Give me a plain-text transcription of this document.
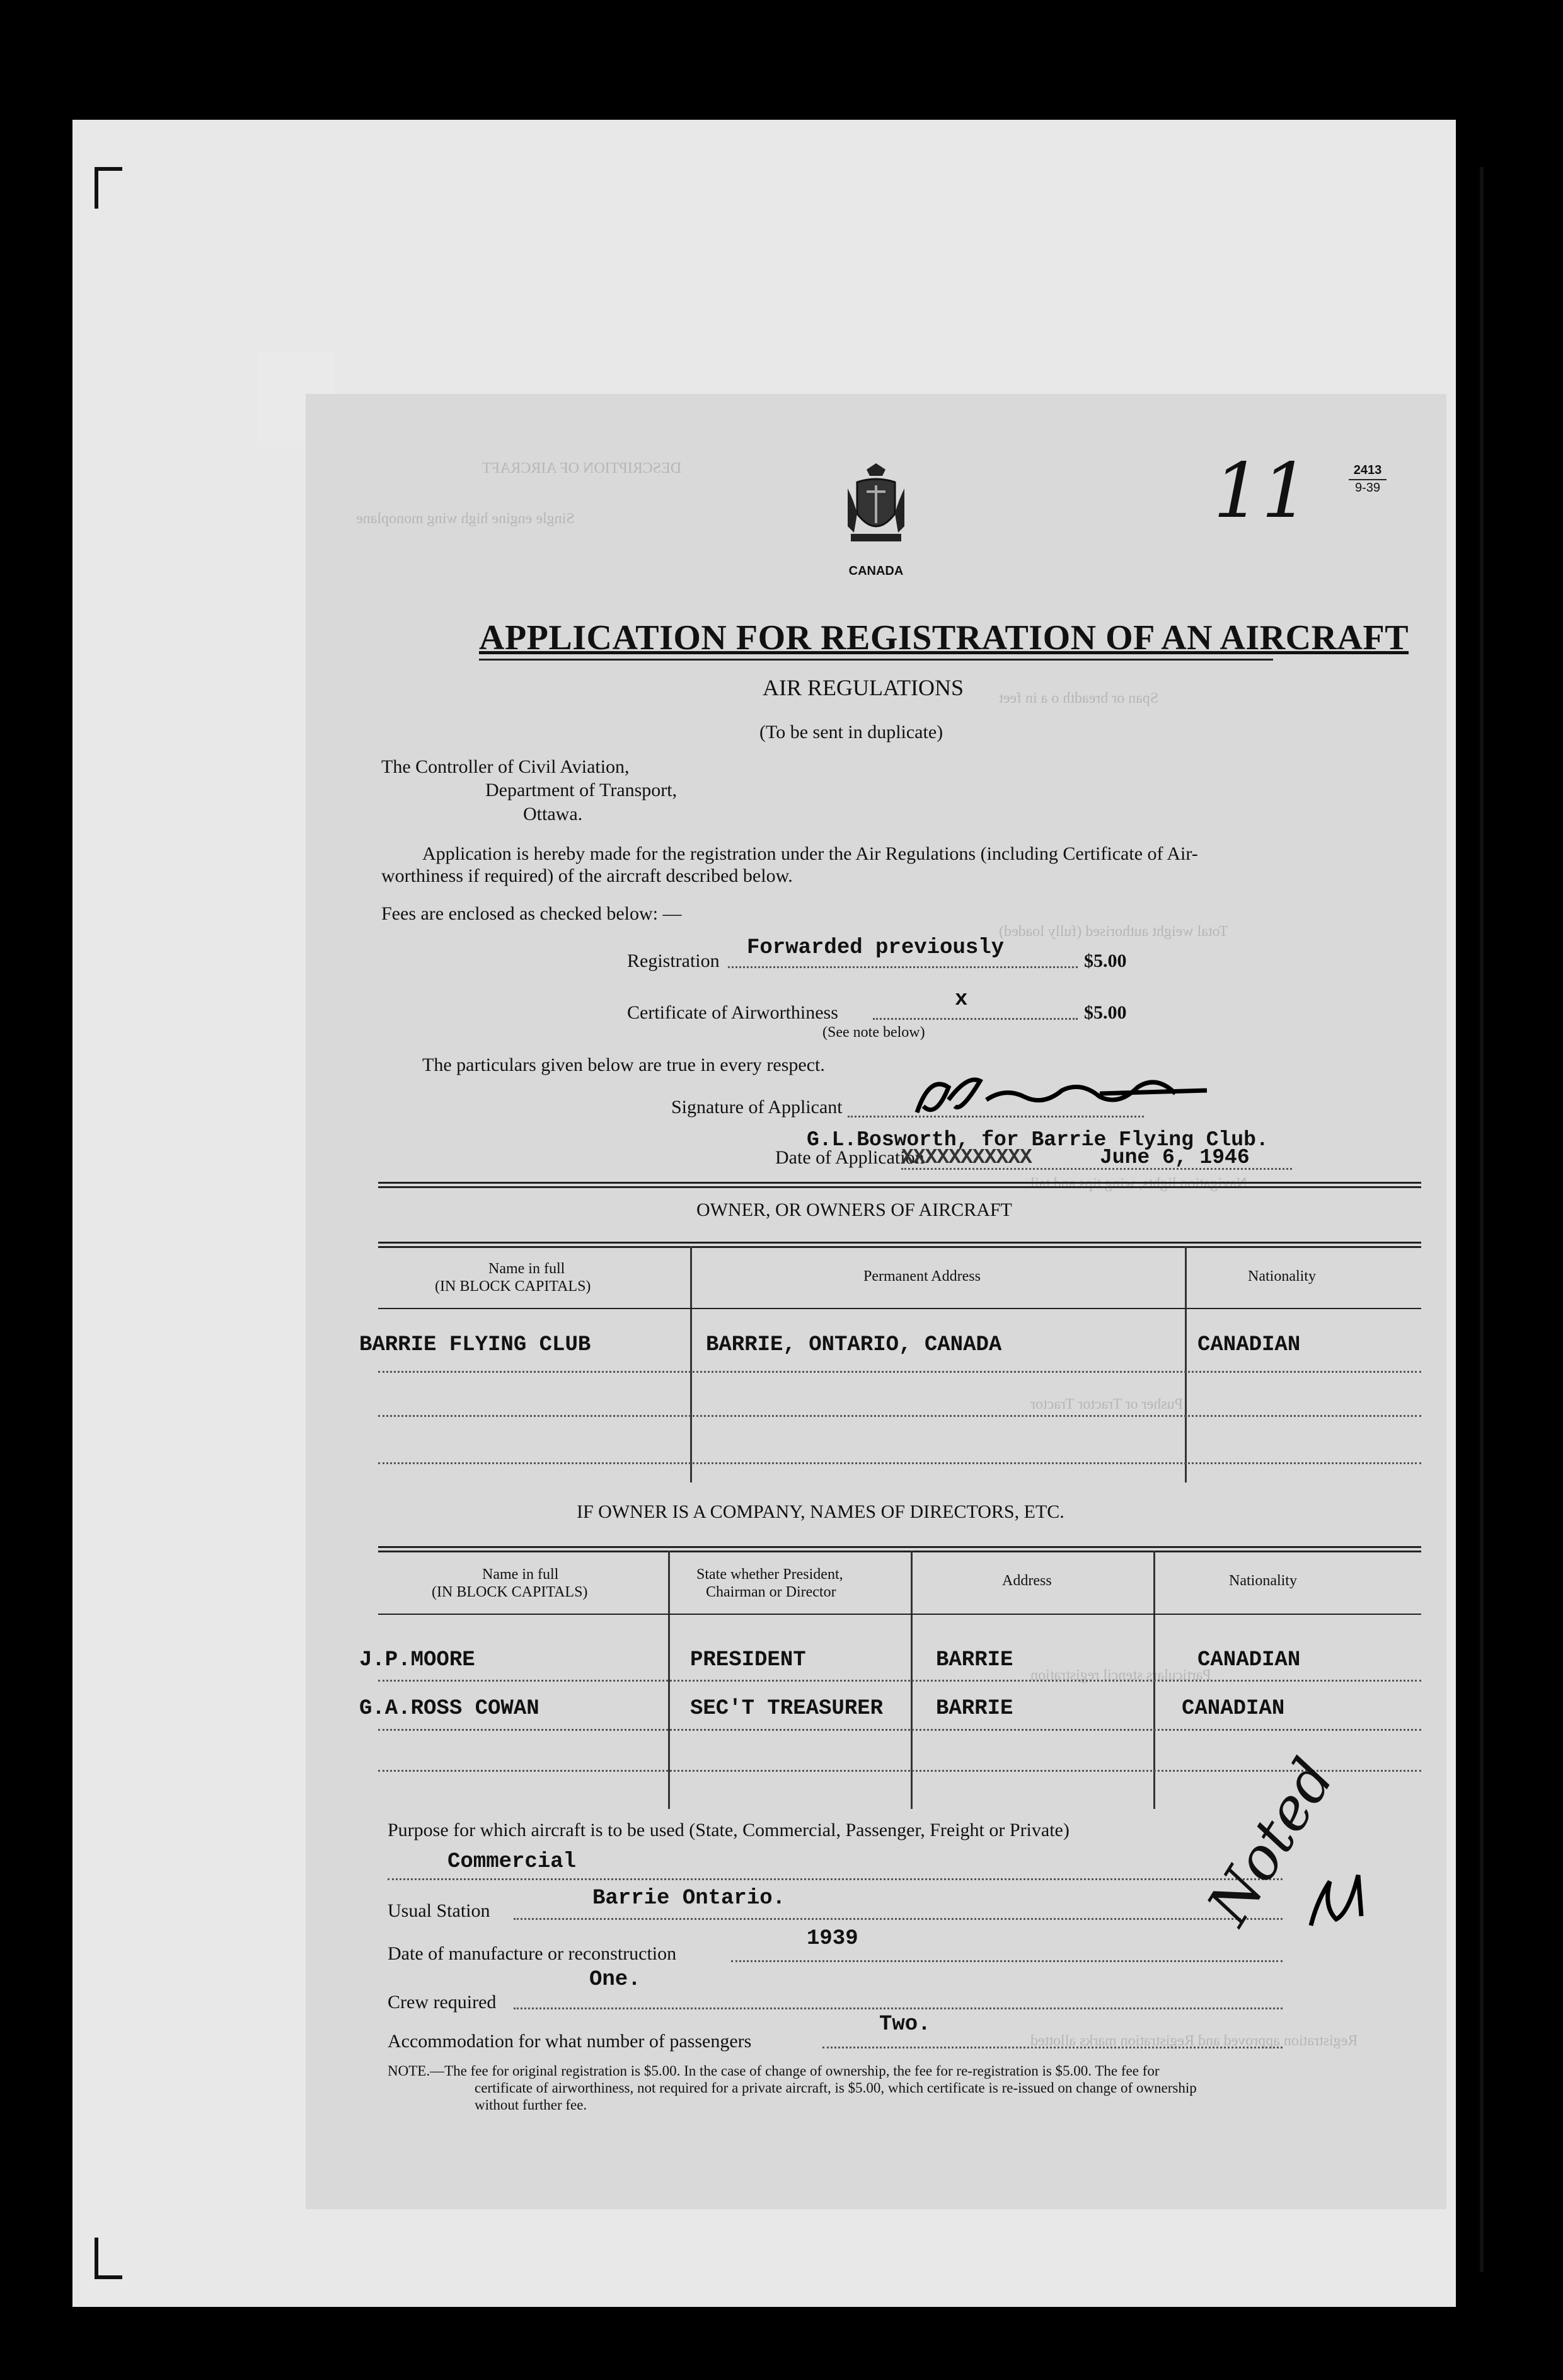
DESCRIPTION OF AIRCRAFT
Single engine high wing monoplane
Span or breadth o a in feet
Total weight authorised (fully loaded)
Navigation lights, wing tips and tail
Pusher or Tractor Tractor
Particulars stencil registration
Registration approved and Registration marks allotted
2413
9-39
11
CANADA
APPLICATION FOR REGISTRATION OF AN AIRCRAFT
AIR REGULATIONS
(To be sent in duplicate)
The Controller of Civil Aviation,
Department of Transport,
Ottawa.
Application is hereby made for the registration under the Air Regulations (including Certificate of Air-
worthiness if required) of the aircraft described below.
Fees are enclosed as checked below: —
Registration
Forwarded previously
$5.00
Certificate of Airworthiness
x
$5.00
(See note below)
The particulars given below are true in every respect.
Signature of Applicant
G.L.Bosworth, for Barrie Flying Club.
Date of Application
XXXXXXXXXXX	June 6, 1946
OWNER, OR OWNERS OF AIRCRAFT
Name in full
(IN BLOCK CAPITALS)
Permanent Address	Nationality
BARRIE FLYING CLUB	BARRIE, ONTARIO, CANADA	CANADIAN
IF OWNER IS A COMPANY, NAMES OF DIRECTORS, ETC.
Name in full
(IN BLOCK CAPITALS)
State whether President,
Chairman or Director
Address	Nationality
J.P.MOORE	PRESIDENT	BARRIE	CANADIAN
G.A.ROSS COWAN	SEC'T TREASURER BARRIE	CANADIAN
Purpose for which aircraft is to be used (State, Commercial, Passenger, Freight or Private)
Commercial
Usual Station
Barrie Ontario.
Date of manufacture or reconstruction
1939
Crew required
One.
Accommodation for what number of passengers
Two.
NOTE.—The fee for original registration is $5.00. In the case of change of ownership, the fee for re-registration is $5.00. The fee for
certificate of airworthiness, not required for a private aircraft, is $5.00, which certificate is re-issued on change of ownership
without further fee.
Noted
